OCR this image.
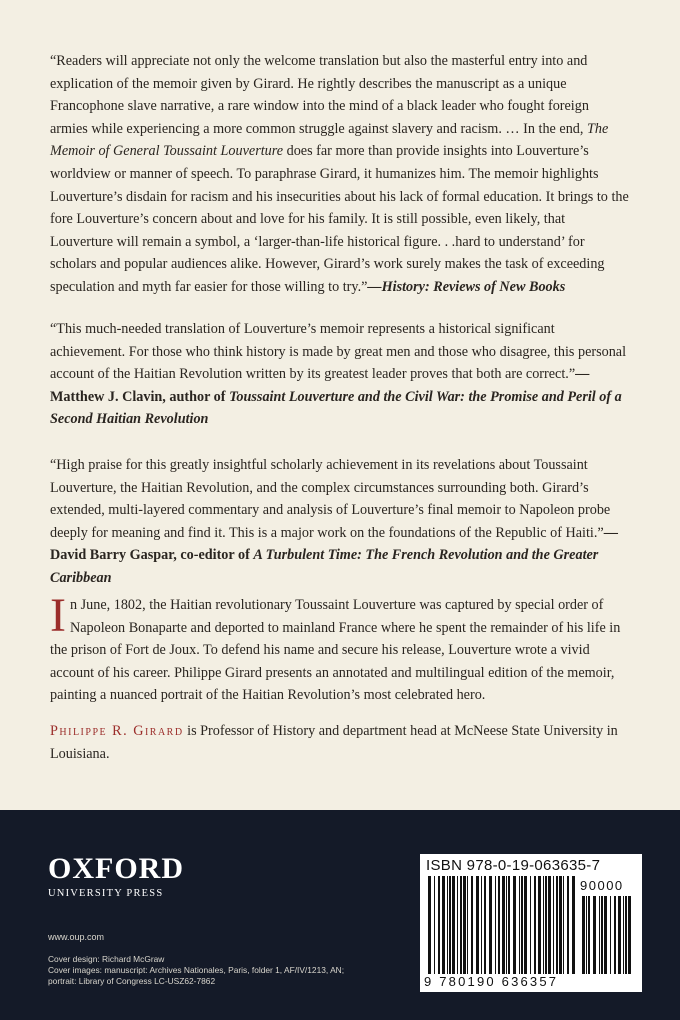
“Readers will appreciate not only the welcome translation but also the masterful entry into and explication of the memoir given by Girard. He rightly describes the manuscript as a unique Francophone slave narrative, a rare window into the mind of a black leader who fought foreign armies while experiencing a more common struggle against slavery and racism. … In the end, The Memoir of General Toussaint Louverture does far more than provide insights into Louverture’s worldview or manner of speech. To paraphrase Girard, it humanizes him. The memoir highlights Louverture’s disdain for racism and his insecurities about his lack of formal education. It brings to the fore Louverture’s concern about and love for his family. It is still possible, even likely, that Louverture will remain a symbol, a ‘larger-than-life historical figure. . .hard to understand’ for scholars and popular audiences alike. However, Girard’s work surely makes the task of exceeding speculation and myth far easier for those willing to try.”—History: Reviews of New Books
“This much-needed translation of Louverture’s memoir represents a historical significant achievement. For those who think history is made by great men and those who disagree, this personal account of the Haitian Revolution written by its greatest leader proves that both are correct.”—Matthew J. Clavin, author of Toussaint Louverture and the Civil War: the Promise and Peril of a Second Haitian Revolution
“High praise for this greatly insightful scholarly achievement in its revelations about Toussaint Louverture, the Haitian Revolution, and the complex circumstances surrounding both. Girard’s extended, multi-layered commentary and analysis of Louverture’s final memoir to Napoleon probe deeply for meaning and find it. This is a major work on the foundations of the Republic of Haiti.”—David Barry Gaspar, co-editor of A Turbulent Time: The French Revolution and the Greater Caribbean
In June, 1802, the Haitian revolutionary Toussaint Louverture was captured by special order of Napoleon Bonaparte and deported to mainland France where he spent the remainder of his life in the prison of Fort de Joux. To defend his name and secure his release, Louverture wrote a vivid account of his career. Philippe Girard presents an annotated and multilingual edition of the memoir, painting a nuanced portrait of the Haitian Revolution’s most celebrated hero.
Philippe R. Girard is Professor of History and department head at McNeese State University in Louisiana.
OXFORD
UNIVERSITY PRESS
www.oup.com
Cover design: Richard McGraw
Cover images: manuscript: Archives Nationales, Paris, folder 1, AF/IV/1213, AN;
portrait: Library of Congress LC-USZ62-7862
ISBN 978-0-19-063635-7
90000
9 780190 636357
